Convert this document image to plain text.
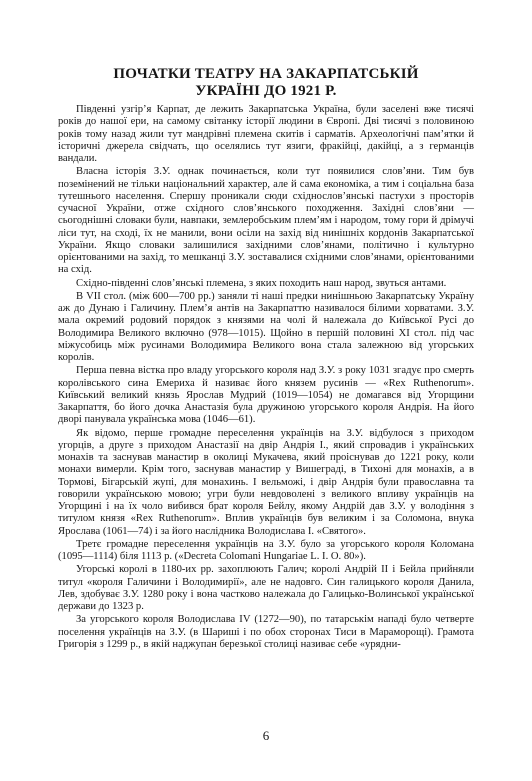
ПОЧАТКИ ТЕАТРУ НА ЗАКАРПАТСЬКІЙ УКРАЇНІ ДО 1921 Р.

Південні узгір’я Карпат, де лежить Закарпатська Україна, були заселені вже тисячі років до нашої ери, на самому світанку історії людини в Європі. Дві тисячі з половиною років тому назад жили тут мандрівні племена скитів і сарматів. Археологічні пам’ятки й історичні джерела свідчать, що оселялись тут язиги, фракійці, дакійці, а з германців вандали.

Власна історія З.У. однак починається, коли тут появилися слов’яни. Тим був поземінений не тільки національний характер, але й сама економіка, а тим і соціальна база тутешнього населення. Спершу проникали сюди східнослов’янські пастухи з просторів сучасної України, отже східного слов’янського походження. Західні слов’яни — сьогоднішні словаки були, навпаки, землеробським плем’ям і народом, тому гори й дрімучі ліси тут, на сході, їх не манили, вони осіли на захід від нинішніх кордонів Закарпатської України. Якщо словаки залишилися західними слов’янами, політично і культурно орієнтованими на захід, то мешканці З.У. зоставалися східними слов’янами, орієнтованими на схід.

Східно-південні слов’янські племена, з яких походить наш народ, звуться антами.

В VII стол. (між 600—700 рр.) заняли ті наші предки нинішньою Закарпатську Україну аж до Дунаю і Галичину. Плем’я антів на Закарпаттю називалося білими хорватами. З.У. мала окремий родовий порядок з князями на чолі й належала до Київської Русі до Володимира Великого включно (978—1015). Щойно в першій половині XI стол. під час міжусобиць між русинами Володимира Великого вона стала залежною від угорських королів.

Перша певна вістка про владу угорського короля над З.У. з року 1031 згадує про смерть королівського сина Емериха й називає його князем русинів — «Rex Ruthenorum». Київський великий князь Ярослав Мудрий (1019—1054) не домагався від Угорщини Закарпаття, бо його дочка Анастазія була дружиною угорського короля Андрія. На його дворі панувала українська мова (1046—61).

Як відомо, перше громадне переселення українців на З.У. відбулося з приходом угорців, а друге з приходом Анастазії на двір Андрія I., який спровадив і українських монахів та заснував манастир в околиці Мукачева, який проіснував до 1221 року, коли монахи вимерли. Крім того, заснував манастир у Вишеграді, в Тихоні для монахів, а в Тормові, Бігарській жупі, для монахинь. І вельможі, і двір Андрія були православна та говорили українською мовою; угри були невдоволені з великого впливу українців на Угорщині і на їх чолo вибився брат короля Бейлу, якому Андрій дав З.У. у володіння з титулом князя «Rex Ruthenorum». Вплив українців був великим і за Соломона, внука Ярослава (1061—74) і за його наслідника Володислава I. «Святого».

Третє громадне переселення українців на З.У. було за угорського короля Коломана (1095—1114) біля 1113 р. («Decreta Colomani Hungariae L. I. O. 80»).

Угорські королі в 1180-их рр. захоплюють Галич; королі Андрій II і Бейла прийняли титул «короля Галичини і Володимирії», але не надовго. Син галицького короля Данила, Лев, здобуває З.У. 1280 року і вона частково належала до Галицько-Волинської української держави до 1323 р.

За угорського короля Володислава IV (1272—90), по татарськім нападі було четверте поселення українців на З.У. (в Шариші і по обох сторонах Тиси в Мараморощі). Грамота Григорія з 1299 р., в якій наджупан березької столиці називає себе «урядни-

6
